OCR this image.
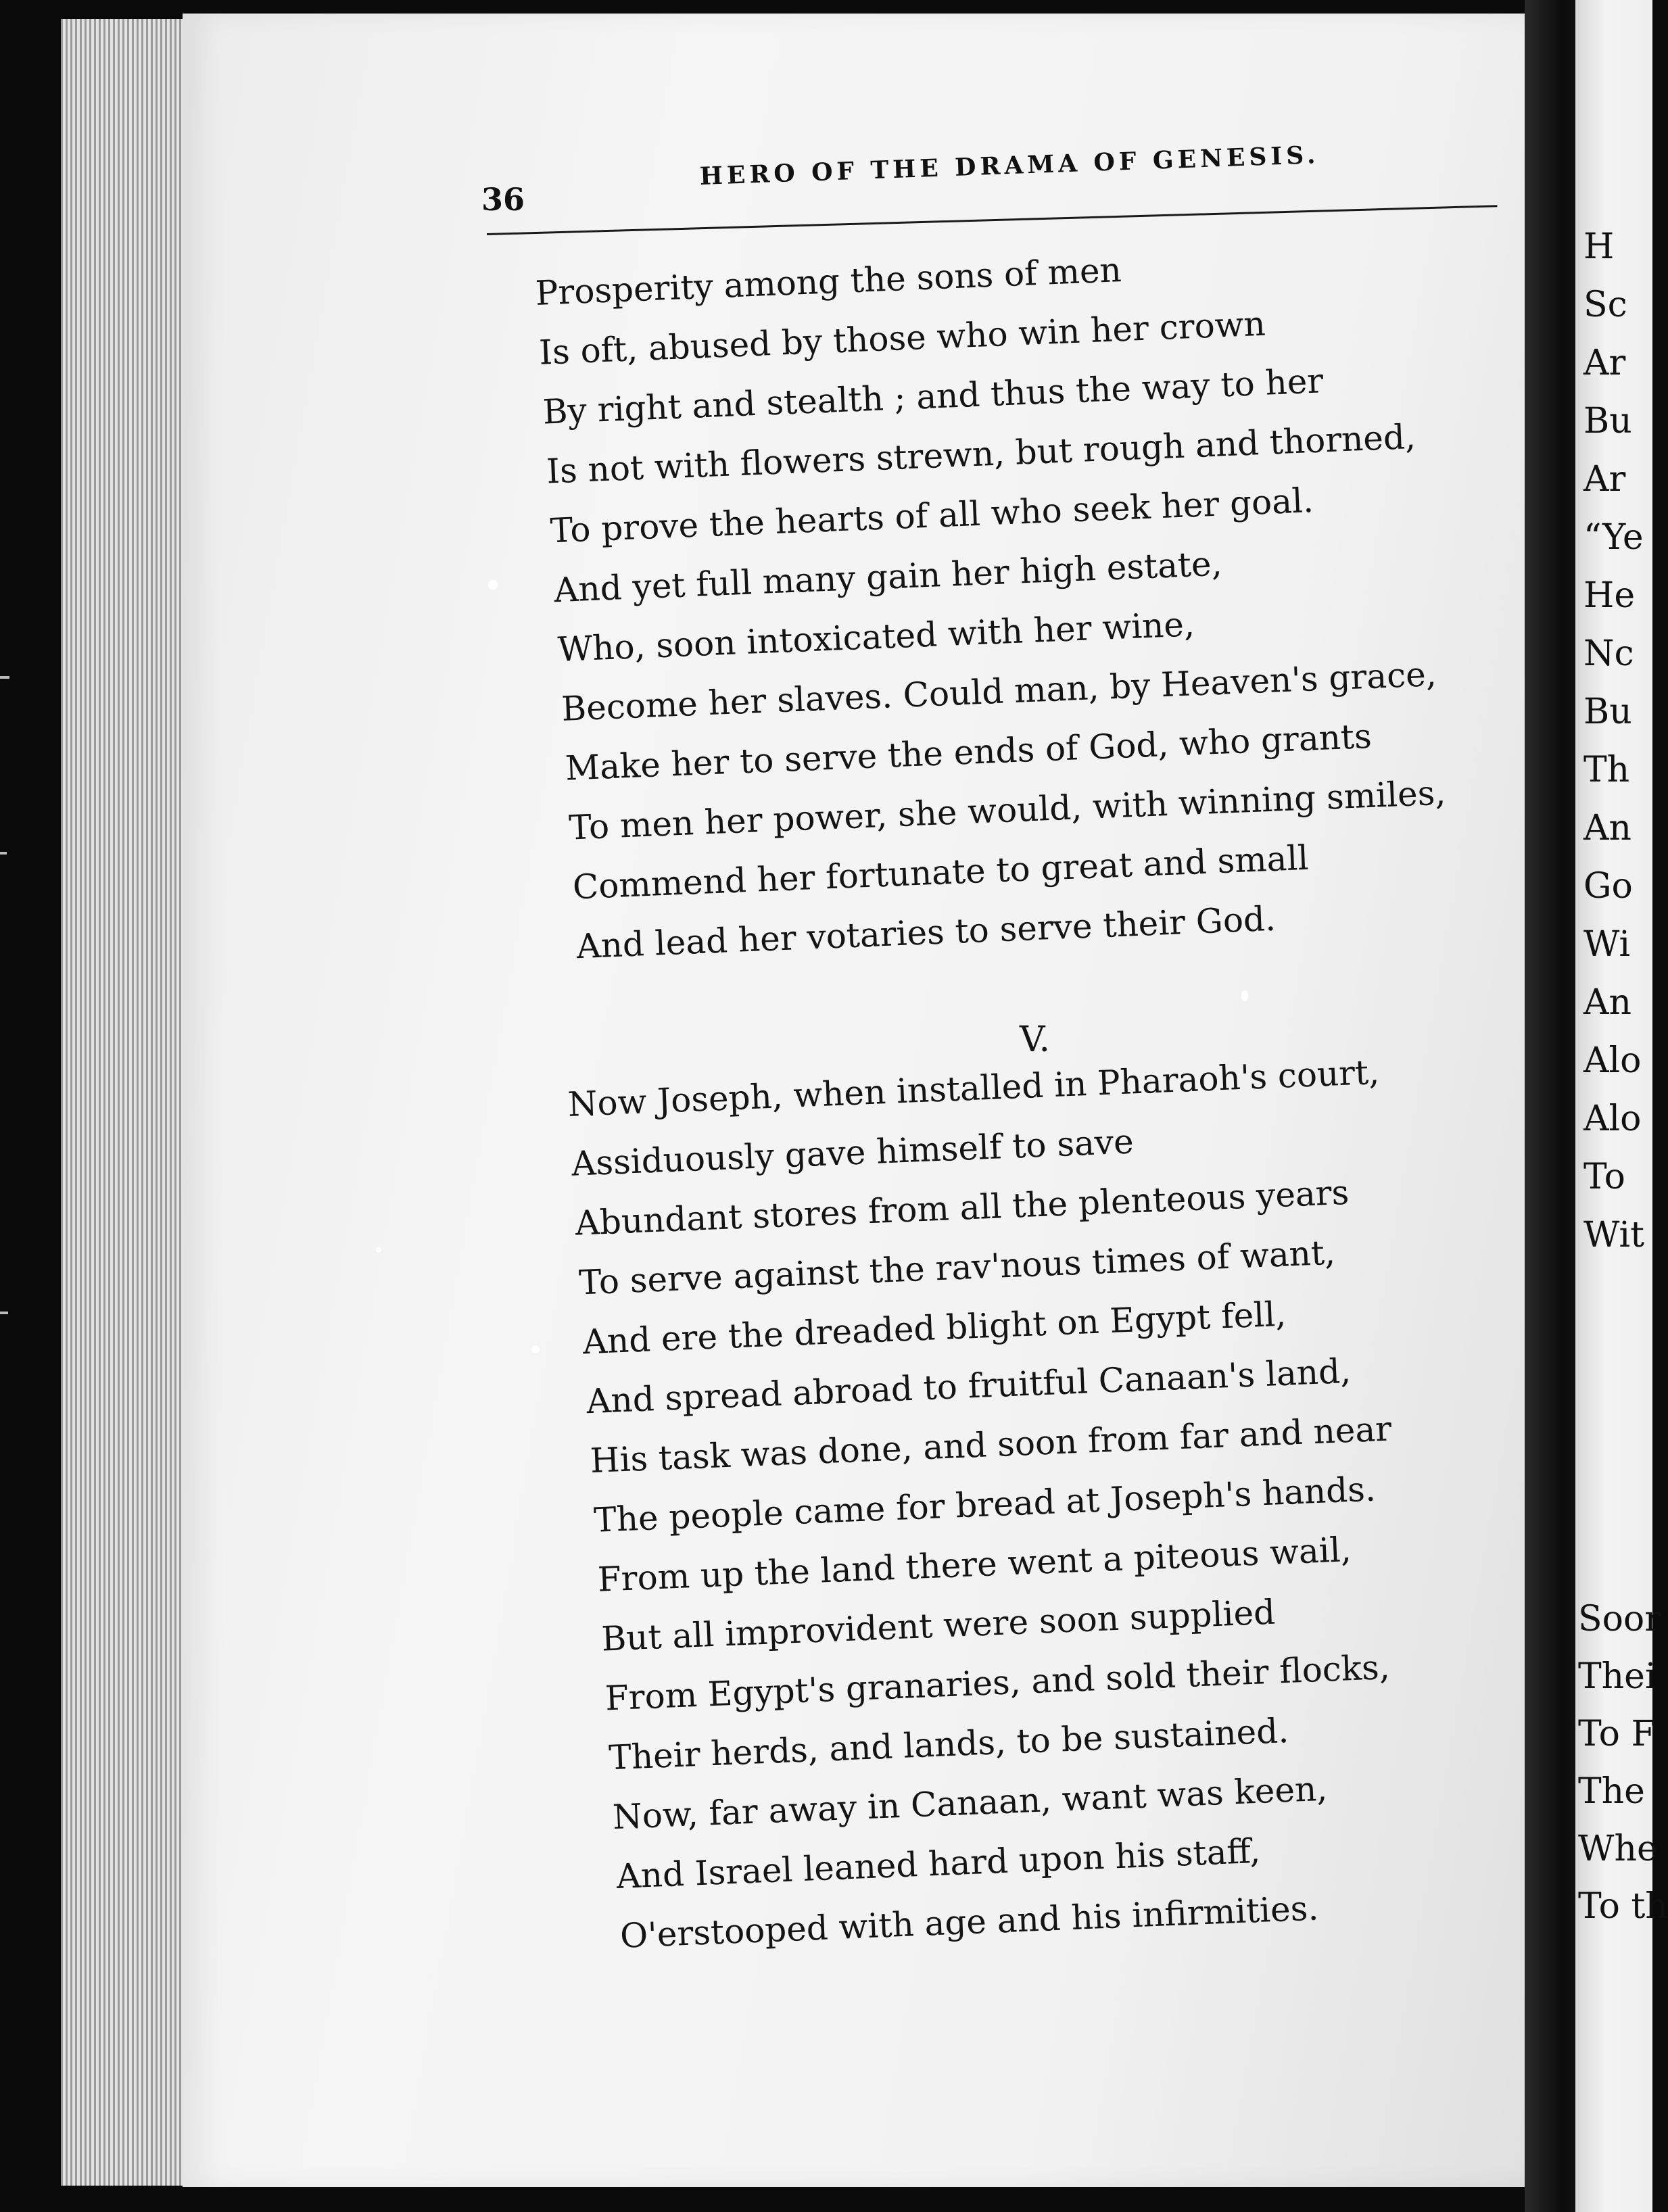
H

Sc

Ar

Bu

Ar

“Ye

He

Nc

Bu

Th

An

Go

Wi

An

Alo

Alo

To

Wit

Soor

Thei

To F

The

Whe

To th

36

HERO OF THE DRAMA OF GENESIS.

Prosperity among the sons of men
Is oft, abused by those who win her crown
By right and stealth ; and thus the way to her
Is not with flowers strewn, but rough and thorned,
To prove the hearts of all who seek her goal.
And yet full many gain her high estate,
Who, soon intoxicated with her wine,
Become her slaves. Could man, by Heaven's grace,
Make her to serve the ends of God, who grants
To men her power, she would, with winning smiles,
Commend her fortunate to great and small
And lead her votaries to serve their God.

V.

Now Joseph, when installed in Pharaoh's court,
Assiduously gave himself to save
Abundant stores from all the plenteous years
To serve against the rav'nous times of want,
And ere the dreaded blight on Egypt fell,
And spread abroad to fruitful Canaan's land,
His task was done, and soon from far and near
The people came for bread at Joseph's hands.
From up the land there went a piteous wail,
But all improvident were soon supplied
From Egypt's granaries, and sold their flocks,
Their herds, and lands, to be sustained.
Now, far away in Canaan, want was keen,
And Israel leaned hard upon his staff,
O'erstooped with age and his infirmities.
